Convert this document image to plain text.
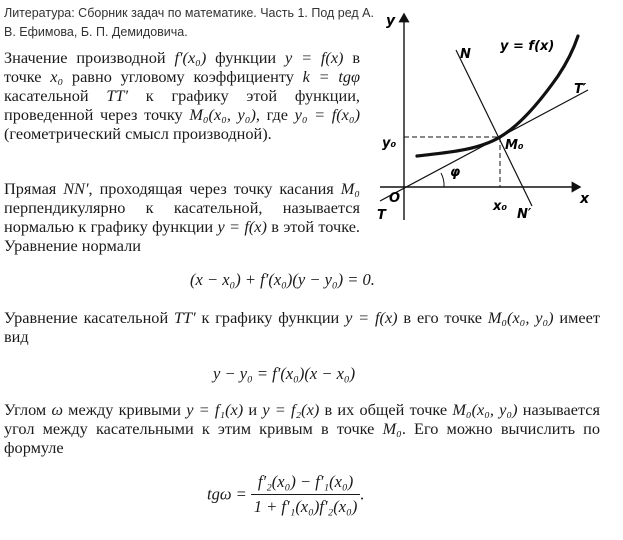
Литература: Сборник задач по математике. Часть 1. Под ред А. В. Ефимова, Б. П. Демидовича.
Значение производной f′(x₀) функции y = f(x) в точке x₀ равно угловому коэффициенту k = tgφ касательной TT′ к графику этой функции, проведенной через точку M₀(x₀, y₀), где y₀ = f(x₀) (геометрический смысл производной).
Прямая NN′, проходящая через точку касания M₀ перпендикулярно к касательной, называется нормалью к графику функции y = f(x) в этой точке. Уравнение нормали
(x − x₀) + f′(x₀)(y − y₀) = 0.
Уравнение касательной TT′ к графику функции y = f(x) в его точке M₀(x₀, y₀) имеет вид
y − y₀ = f′(x₀)(x − x₀)
Углом ω между кривыми y = f₁(x) и y = f₂(x) в их общей точке M₀(x₀, y₀) называется угол между касательными к этим кривым в точке M₀. Его можно вычислить по формуле
$tg\omega = \frac{\text{f′₂(x₀) − f′₁(x₀)}}{\text{1 + f′₁(x₀)f′₂(x₀)}}$ .
y = f(x)
y
x
O
y₀
x₀
M₀
N
N′
T
T′
φ
